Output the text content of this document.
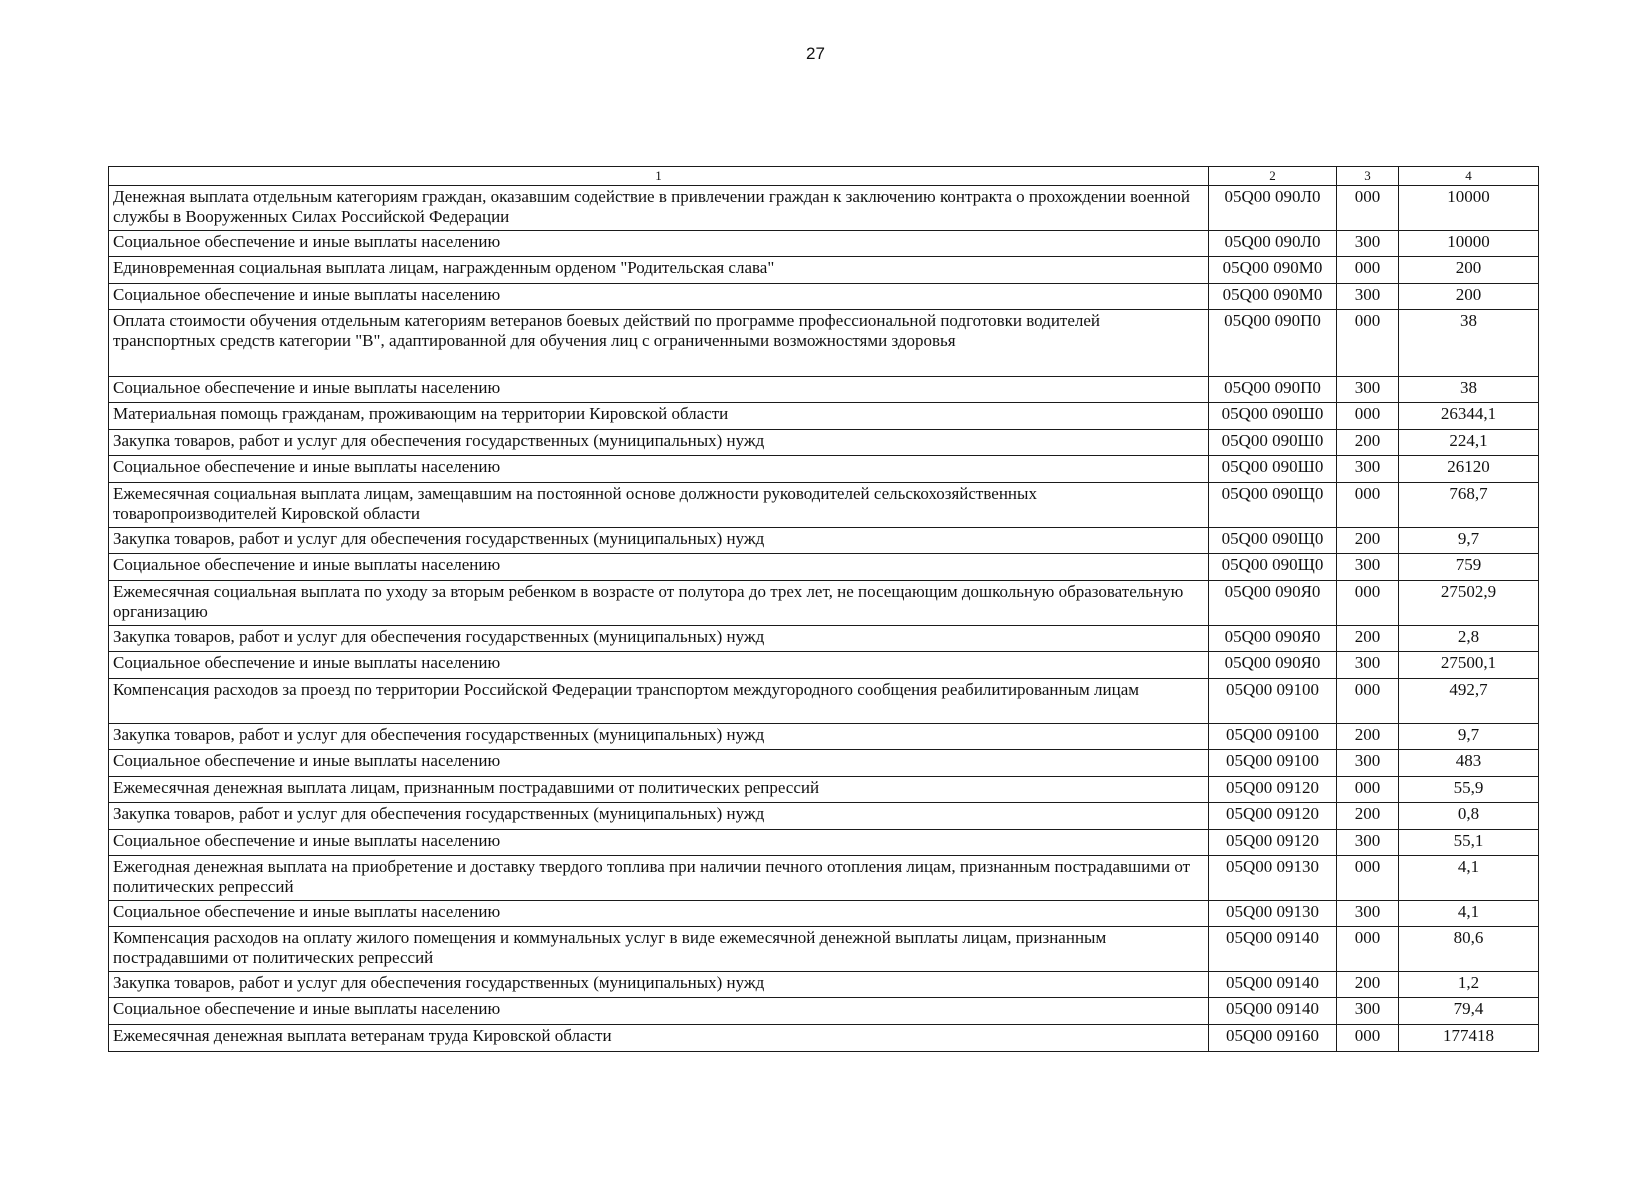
27
1	2	3	4
Денежная выплата отдельным категориям граждан, оказавшим содействие в привлечении граждан к заключению контракта о прохождении военной службы в Вооруженных Силах Российской Федерации	05Q00 090Л0	000	10000
Социальное обеспечение и иные выплаты населению	05Q00 090Л0	300	10000
Единовременная социальная выплата лицам, награжденным орденом "Родительская слава"	05Q00 090М0	000	200
Социальное обеспечение и иные выплаты населению	05Q00 090М0	300	200
Оплата стоимости обучения отдельным категориям ветеранов боевых действий по программе профессиональной подготовки водителей транспортных средств категории "В", адаптированной для обучения лиц с ограниченными возможностями здоровья	05Q00 090П0	000	38
Социальное обеспечение и иные выплаты населению	05Q00 090П0	300	38
Материальная помощь гражданам, проживающим на территории Кировской области	05Q00 090Ш0	000	26344,1
Закупка товаров, работ и услуг для обеспечения государственных (муниципальных) нужд	05Q00 090Ш0	200	224,1
Социальное обеспечение и иные выплаты населению	05Q00 090Ш0	300	26120
Ежемесячная социальная выплата лицам, замещавшим на постоянной основе должности руководителей сельскохозяйственных товаропроизводителей Кировской области	05Q00 090Щ0	000	768,7
Закупка товаров, работ и услуг для обеспечения государственных (муниципальных) нужд	05Q00 090Щ0	200	9,7
Социальное обеспечение и иные выплаты населению	05Q00 090Щ0	300	759
Ежемесячная социальная выплата по уходу за вторым ребенком в возрасте от полутора до трех лет, не посещающим дошкольную образовательную организацию	05Q00 090Я0	000	27502,9
Закупка товаров, работ и услуг для обеспечения государственных (муниципальных) нужд	05Q00 090Я0	200	2,8
Социальное обеспечение и иные выплаты населению	05Q00 090Я0	300	27500,1
Компенсация расходов за проезд по территории Российской Федерации транспортом междугородного сообщения реабилитированным лицам	05Q00 09100	000	492,7
Закупка товаров, работ и услуг для обеспечения государственных (муниципальных) нужд	05Q00 09100	200	9,7
Социальное обеспечение и иные выплаты населению	05Q00 09100	300	483
Ежемесячная денежная выплата лицам, признанным пострадавшими от политических репрессий	05Q00 09120	000	55,9
Закупка товаров, работ и услуг для обеспечения государственных (муниципальных) нужд	05Q00 09120	200	0,8
Социальное обеспечение и иные выплаты населению	05Q00 09120	300	55,1
Ежегодная денежная выплата на приобретение и доставку твердого топлива при наличии печного отопления лицам, признанным пострадавшими от политических репрессий	05Q00 09130	000	4,1
Социальное обеспечение и иные выплаты населению	05Q00 09130	300	4,1
Компенсация расходов на оплату жилого помещения и коммунальных услуг в виде ежемесячной денежной выплаты лицам, признанным пострадавшими от политических репрессий	05Q00 09140	000	80,6
Закупка товаров, работ и услуг для обеспечения государственных (муниципальных) нужд	05Q00 09140	200	1,2
Социальное обеспечение и иные выплаты населению	05Q00 09140	300	79,4
Ежемесячная денежная выплата ветеранам труда Кировской области	05Q00 09160	000	177418
